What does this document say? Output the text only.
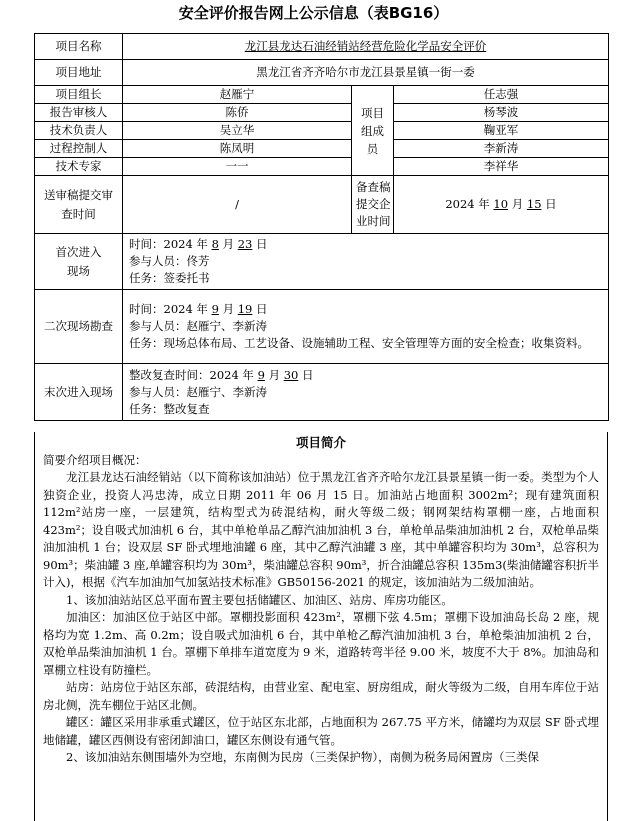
安全评价报告网上公示信息（表BG16）
项目名称	龙江县龙达石油经销站经营危险化学品安全评价		
项目地址	黑龙江省齐齐哈尔市龙江县景星镇一街一委		
项目组长	赵雁宁	项目组成员	任志强
报告审核人	陈侨		杨琴波
技术负责人	吴立华		鞠亚军
过程控制人	陈凤明		李新涛
技术专家	一一		李祥华

送审稿提交审查时间	/	备查稿提交企业时间	2024 年 10 月 15 日

首次进入现场	时间：2024 年 8 月 23 日
参与人员：佟芳
任务：签委托书		

二次现场勘查	时间：2024 年 9 月 19 日
参与人员：赵雁宁、李新涛
任务：现场总体布局、工艺设备、设施辅助工程、安全管理等方面的安全检查；收集资料。		

末次进入现场	整改复查时间：2024 年 9 月 30 日
参与人员：赵雁宁、李新涛
任务：整改复查		
项目简介

简要介绍项目概况：

龙江县龙达石油经销站（以下简称该加油站）位于黑龙江省齐齐哈尔龙江县景星镇一街一委。类型为个人独资企业，投资人冯忠涛，成立日期 2011 年 06 月 15 日。加油站占地面积 3002m²；现有建筑面积 112m²站房一座，一层建筑，结构型式为砖混结构，耐火等级二级；钢网架结构罩棚一座，占地面积 423m²；设自吸式加油机 6 台，其中单枪单品乙醇汽油加油机 3 台，单枪单品柴油加油机 2 台，双枪单品柴油加油机 1 台；设双层 SF 卧式埋地油罐 6 座，其中乙醇汽油罐 3 座，其中单罐容积均为 30m³，总容积为 90m³；柴油罐 3 座,单罐容积均为 30m³，柴油罐总容积 90m³，折合油罐总容积 135m3(柴油储罐容积折半计入)，根据《汽车加油加气加氢站技术标准》GB50156-2021 的规定，该加油站为二级加油站。

1、该加油站站区总平面布置主要包括储罐区、加油区、站房、库房功能区。

加油区：加油区位于站区中部。罩棚投影面积 423m²，罩棚下弦 4.5m；罩棚下设加油岛长岛 2 座，规格均为宽 1.2m、高 0.2m；设自吸式加油机 6 台，其中单枪乙醇汽油加油机 3 台，单枪柴油加油机 2 台，双枪单品柴油加油机 1 台。罩棚下单排车道宽度为 9 米，道路转弯半径 9.00 米，坡度不大于 8%。加油岛和罩棚立柱设有防撞栏。

站房：站房位于站区东部，砖混结构，由营业室、配电室、厨房组成，耐火等级为二级，自用车库位于站房北侧，洗车棚位于站区北侧。

罐区：罐区采用非承重式罐区，位于站区东北部，占地面积为 267.75 平方米，储罐均为双层 SF 卧式埋地储罐，罐区西侧设有密闭卸油口，罐区东侧设有通气管。

2、该加油站东侧围墙外为空地，东南侧为民房（三类保护物），南侧为税务局闲置房（三类保
